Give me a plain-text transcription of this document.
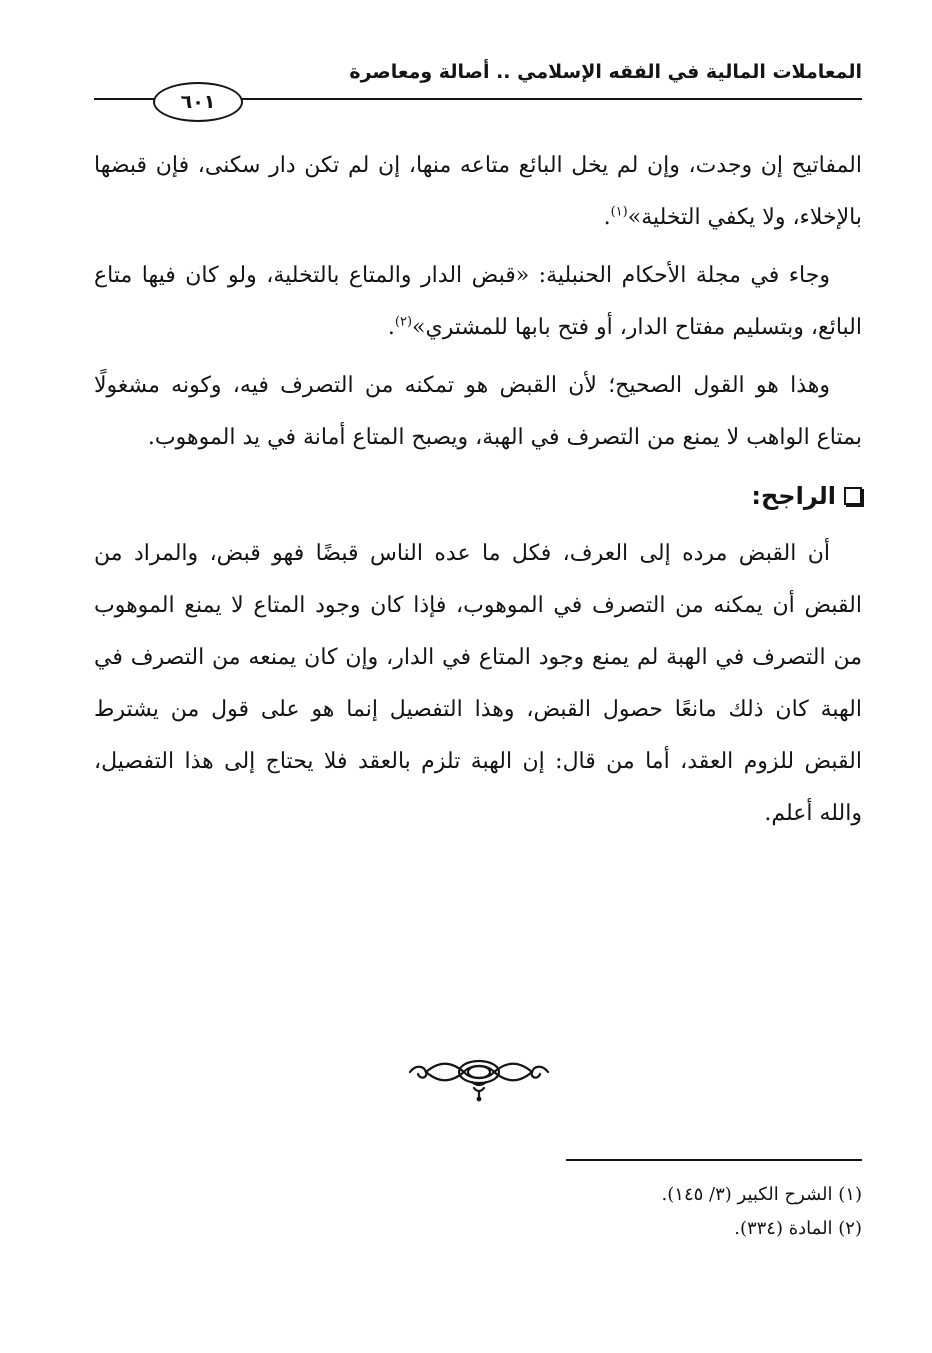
المعاملات المالية في الفقه الإسلامي .. أصالة ومعاصرة
٦٠١

المفاتيح إن وجدت، وإن لم يخل البائع متاعه منها، إن لم تكن دار سكنى، فإن قبضها بالإخلاء، ولا يكفي التخلية»$^{(١)}$.

وجاء في مجلة الأحكام الحنبلية: «قبض الدار والمتاع بالتخلية، ولو كان فيها متاع البائع، وبتسليم مفتاح الدار، أو فتح بابها للمشتري»$^{(٢)}$.

وهذا هو القول الصحيح؛ لأن القبض هو تمكنه من التصرف فيه، وكونه مشغولًا بمتاع الواهب لا يمنع من التصرف في الهبة، ويصبح المتاع أمانة في يد الموهوب.

الراجح:

أن القبض مرده إلى العرف، فكل ما عده الناس قبضًا فهو قبض، والمراد من القبض أن يمكنه من التصرف في الموهوب، فإذا كان وجود المتاع لا يمنع الموهوب من التصرف في الهبة لم يمنع وجود المتاع في الدار، وإن كان يمنعه من التصرف في الهبة كان ذلك مانعًا حصول القبض، وهذا التفصيل إنما هو على قول من يشترط القبض للزوم العقد، أما من قال: إن الهبة تلزم بالعقد فلا يحتاج إلى هذا التفصيل، والله أعلم.

(١) الشرح الكبير (٣/ ١٤٥).

(٢) المادة (٣٣٤).
